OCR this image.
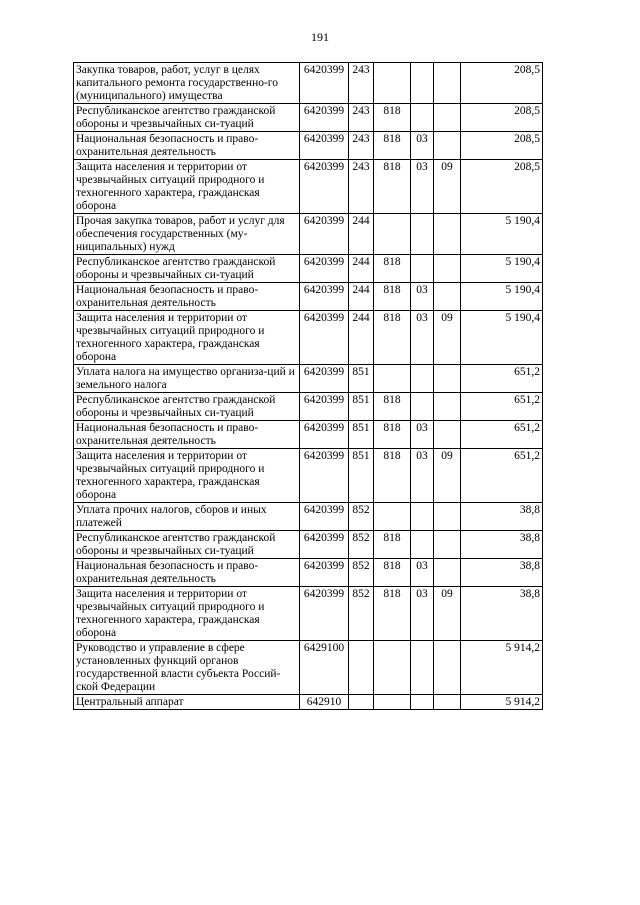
191
Закупка товаров, работ, услуг в целях капитального ремонта государственно-го (муниципального) имущества	6420399	243				208,5
Республиканское агентство гражданской обороны и чрезвычайных си-туаций	6420399	243	818			208,5
Национальная безопасность и право-охранительная деятельность	6420399	243	818	03		208,5
Защита населения и территории от чрезвычайных ситуаций природного и техногенного характера, гражданская оборона	6420399	243	818	03	09	208,5
Прочая закупка товаров, работ и услуг для обеспечения государственных (му-ниципальных) нужд	6420399	244				5 190,4
Республиканское агентство гражданской обороны и чрезвычайных си-туаций	6420399	244	818			5 190,4
Национальная безопасность и право-охранительная деятельность	6420399	244	818	03		5 190,4
Защита населения и территории от чрезвычайных ситуаций природного и техногенного характера, гражданская оборона	6420399	244	818	03	09	5 190,4
Уплата налога на имущество организа-ций и земельного налога	6420399	851				651,2
Республиканское агентство гражданской обороны и чрезвычайных си-туаций	6420399	851	818			651,2
Национальная безопасность и право-охранительная деятельность	6420399	851	818	03		651,2
Защита населения и территории от чрезвычайных ситуаций природного и техногенного характера, гражданская оборона	6420399	851	818	03	09	651,2
Уплата прочих налогов, сборов и иных платежей	6420399	852				38,8
Республиканское агентство гражданской обороны и чрезвычайных си-туаций	6420399	852	818			38,8
Национальная безопасность и право-охранительная деятельность	6420399	852	818	03		38,8
Защита населения и территории от чрезвычайных ситуаций природного и техногенного характера, гражданская оборона	6420399	852	818	03	09	38,8
Руководство и управление в сфере установленных функций органов государственной власти субъекта Россий-ской Федерации	6429100					5 914,2
Центральный аппарат	642910					5 914,2
